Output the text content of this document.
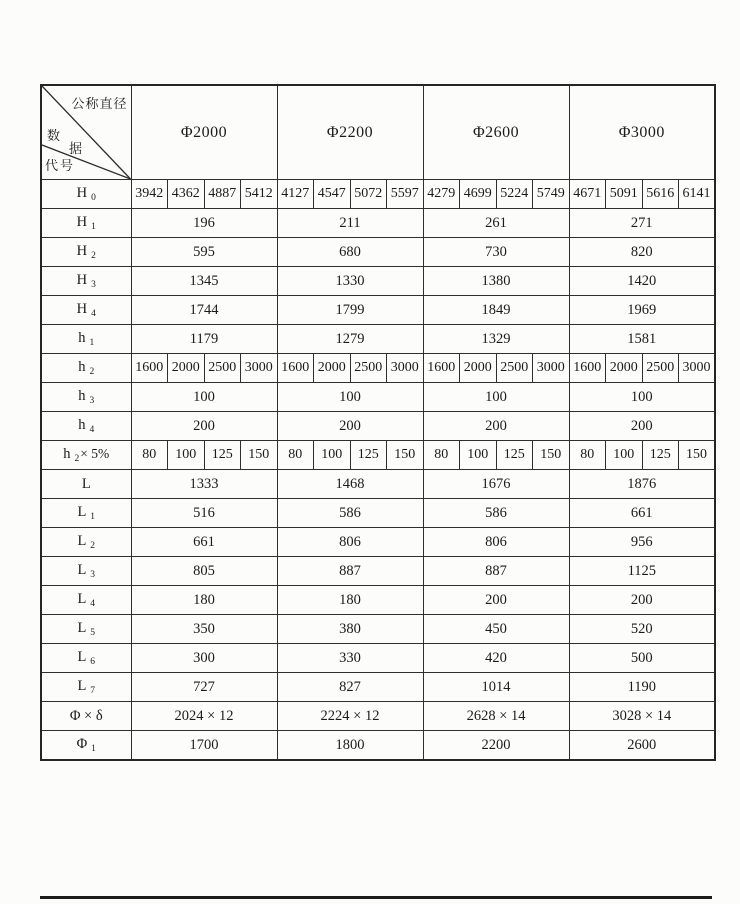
公称直径
数
据
代号	Φ2000				Φ2200				Φ2600				Φ3000			
H $_0$	3942	4362	4887	5412	4127	4547	5072	5597	4279	4699	5224	5749	4671	5091	5616	6141
H $_1$	196				211				261				271			
H $_2$	595				680				730				820			
H $_3$	1345				1330				1380				1420			
H $_4$	1744				1799				1849				1969			
h $_1$	1179				1279				1329				1581			
h $_2$	1600	2000	2500	3000	1600	2000	2500	3000	1600	2000	2500	3000	1600	2000	2500	3000
h $_3$	100				100				100				100			
h $_4$	200				200				200				200			
h $_2$× 5%	80	100	125	150	80	100	125	150	80	100	125	150	80	100	125	150
L	1333				1468				1676				1876			
L $_1$	516				586				586				661			
L $_2$	661				806				806				956			
L $_3$	805				887				887				1125			
L $_4$	180				180				200				200			
L $_5$	350				380				450				520			
L $_6$	300				330				420				500			
L $_7$	727				827				1014				1190			
Φ × δ	2024 × 12				2224 × 12				2628 × 14				3028 × 14			
Φ $_1$	1700				1800				2200				2600			
